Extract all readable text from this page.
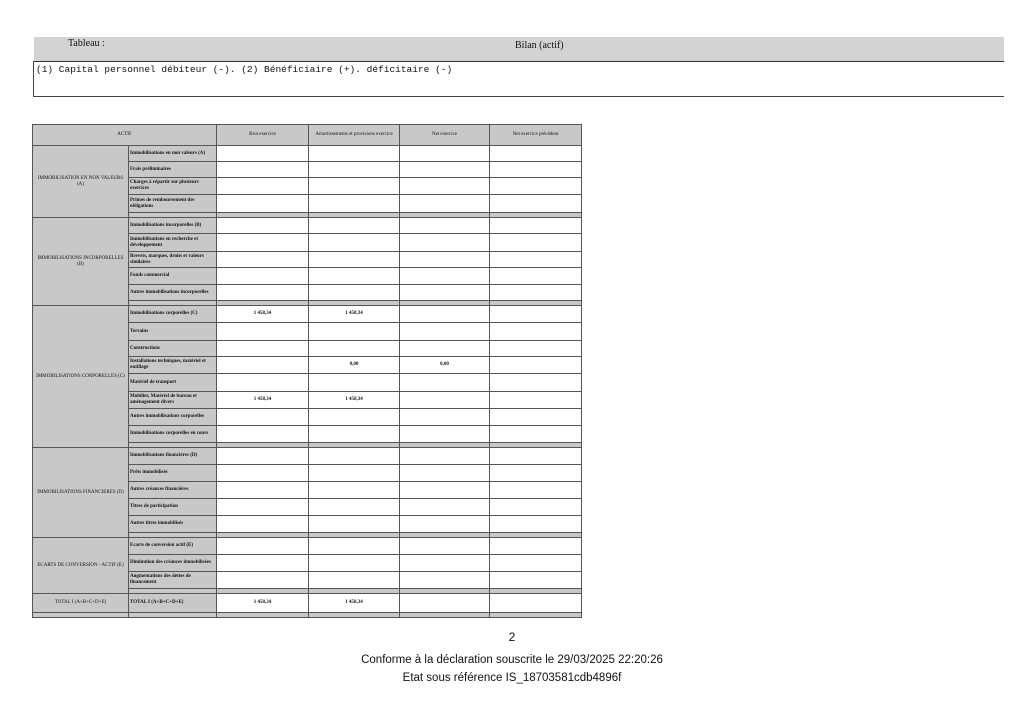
Tableau :	Bilan (actif)
(1) Capital personnel débiteur (-). (2) Bénéficiaire (+). déficitaire (-)
ACTIF		Brut exercice	Amortissements et provisions exercice	Net exercice	Net exercice précédent
IMMOBILISATION EN NON VALEURS (A)	Immobilisations en non valeurs (A)				
	Frais préliminaires				
	Charges à répartir sur plusieurs exercices				
	Primes de remboursement des obligations				

IMMOBILISATIONS INCORPORELLES (B)	Immobilisations incorporelles (B)				
	Immobilisations en recherche et développement				
	Brevets, marques, droits et valeurs similaires				
	Fonds commercial				
	Autres immobilisations incorporelles				

IMMOBILISATIONS CORPORELLES (C)	Immobilisations corporelles (C)	1 458,34	1 458,34		
	Terrains				
	Constructions				
	Installations techniques, matériel et outillage		0,00	0,00	
	Matériel de transport				
	Mobilier, Matériel de bureau et aménagement divers	1 458,34	1 458,34		
	Autres immobilisations corporelles				
	Immobilisations corporelles en cours				

IMMOBILISATIONS FINANCIERES (D)	Immobilisations financières (D)				
	Prêts immobilisés				
	Autres créances financières				
	Titres de participation				
	Autres titres immobilisés				

ECARTS DE CONVERSION - ACTIF (E)	Ecarts de conversion actif (E)				
	Diminution des créances immobilisées				
	Augmentations des dettes de financement				

TOTAL I (A+B+C+D+E)	TOTAL I (A+B+C+D+E)	1 458,34	1 458,34		

2
Conforme à la déclaration souscrite le 29/03/2025 22:20:26
Etat sous référence IS_18703581cdb4896f
